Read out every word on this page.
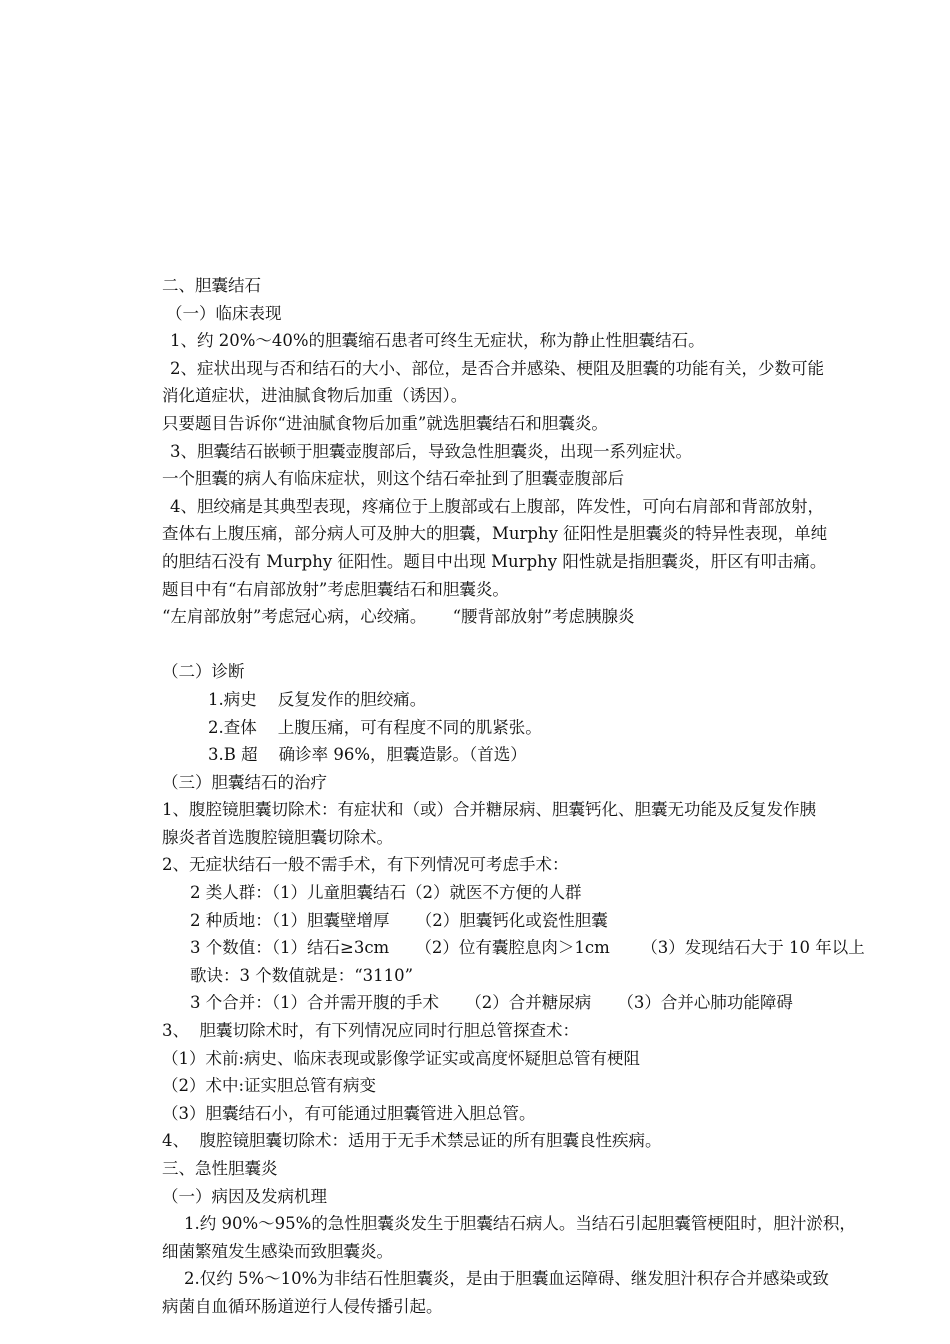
二、胆囊结石
（一）临床表现
1、约 20%～40%的胆囊缩石患者可终生无症状，称为静止性胆囊结石。
2、症状出现与否和结石的大小、部位，是否合并感染、梗阻及胆囊的功能有关，少数可能
消化道症状，进油腻食物后加重（诱因）。
只要题目告诉你“进油腻食物后加重”就选胆囊结石和胆囊炎。
3、胆囊结石嵌顿于胆囊壶腹部后，导致急性胆囊炎，出现一系列症状。
一个胆囊的病人有临床症状，则这个结石牵扯到了胆囊壶腹部后
4、胆绞痛是其典型表现，疼痛位于上腹部或右上腹部，阵发性，可向右肩部和背部放射，
查体右上腹压痛，部分病人可及肿大的胆囊，Murphy 征阳性是胆囊炎的特异性表现，单纯
的胆结石没有 Murphy 征阳性。题目中出现 Murphy 阳性就是指胆囊炎，肝区有叩击痛。
题目中有“右肩部放射”考虑胆囊结石和胆囊炎。
“左肩部放射”考虑冠心病，心绞痛。     “腰背部放射”考虑胰腺炎
（二）诊断
1.病史    反复发作的胆绞痛。
2.查体    上腹压痛，可有程度不同的肌紧张。
3.B 超    确诊率 96%，胆囊造影。（首选）
（三）胆囊结石的治疗
1、腹腔镜胆囊切除术：有症状和（或）合并糖尿病、胆囊钙化、胆囊无功能及反复发作胰
腺炎者首选腹腔镜胆囊切除术。
2、无症状结石一般不需手术，有下列情况可考虑手术：
2 类人群：（1）儿童胆囊结石（2）就医不方便的人群
2 种质地：（1）胆囊壁增厚     （2）胆囊钙化或瓷性胆囊
3 个数值：（1）结石≥3cm     （2）位有囊腔息肉＞1cm      （3）发现结石大于 10 年以上
歌诀：3 个数值就是：“3110”
3 个合并：（1）合并需开腹的手术     （2）合并糖尿病     （3）合并心肺功能障碍
3、  胆囊切除术时，有下列情况应同时行胆总管探查术：
（1）术前:病史、临床表现或影像学证实或高度怀疑胆总管有梗阻
（2）术中:证实胆总管有病变
（3）胆囊结石小，有可能通过胆囊管进入胆总管。
4、  腹腔镜胆囊切除术：适用于无手术禁忌证的所有胆囊良性疾病。
三、急性胆囊炎
（一）病因及发病机理
1.约 90%～95%的急性胆囊炎发生于胆囊结石病人。当结石引起胆囊管梗阻时，胆汁淤积，
细菌繁殖发生感染而致胆囊炎。
2.仅约 5%～10%为非结石性胆囊炎，是由于胆囊血运障碍、继发胆汁积存合并感染或致
病菌自血循环肠道逆行人侵传播引起。
